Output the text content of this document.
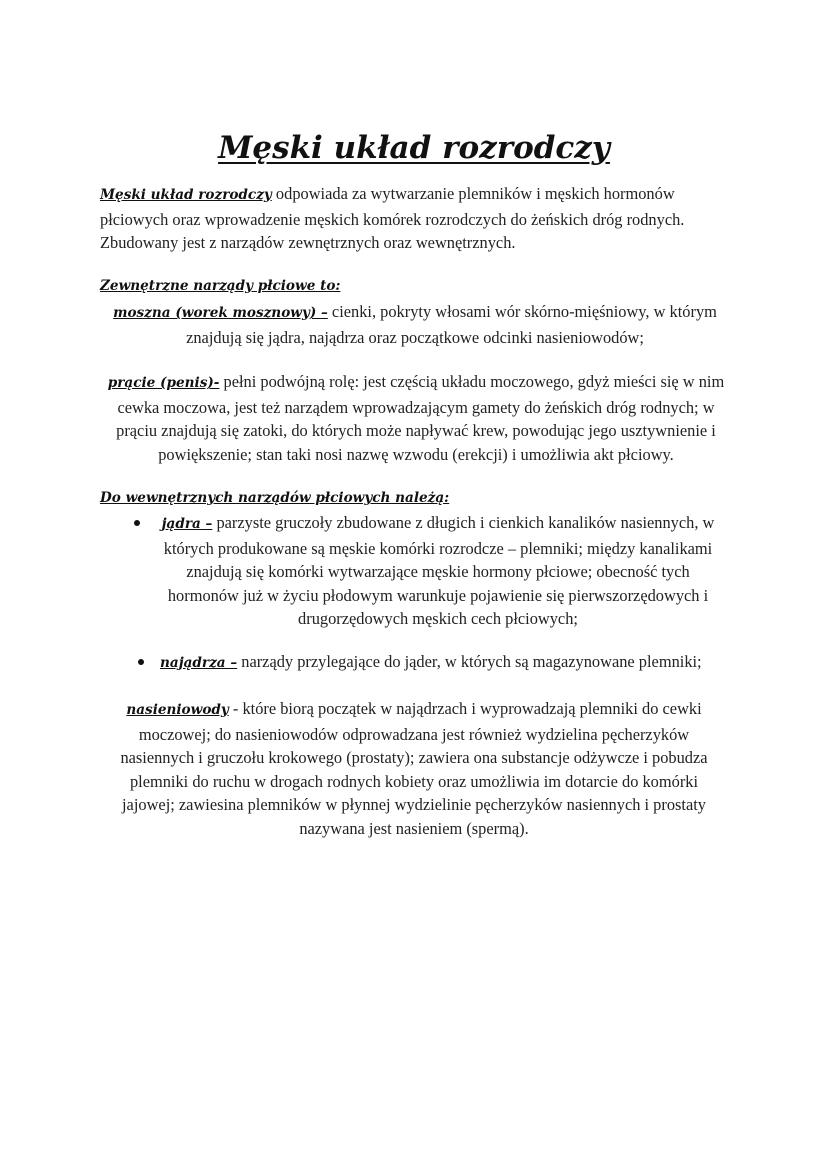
Męski układ rozrodczy

Męski układ rozrodczy odpowiada za wytwarzanie plemników i męskich hormonów płciowych oraz wprowadzenie męskich komórek rozrodczych do żeńskich dróg rodnych. Zbudowany jest z narządów zewnętrznych oraz wewnętrznych.

Zewnętrzne narządy płciowe to:

moszna (worek mosznowy) – cienki, pokryty włosami wór skórno-mięśniowy, w którym znajdują się jądra, najądrza oraz początkowe odcinki nasieniowodów;

prącie (penis)- pełni podwójną rolę: jest częścią układu moczowego, gdyż mieści się w nim cewka moczowa, jest też narządem wprowadzającym gamety do żeńskich dróg rodnych; w prąciu znajdują się zatoki, do których może napływać krew, powodując jego usztywnienie i powiększenie; stan taki nosi nazwę wzwodu (erekcji) i umożliwia akt płciowy.

Do wewnętrznych narządów płciowych należą:

jądra – parzyste gruczoły zbudowane z długich i cienkich kanalików nasiennych, w których produkowane są męskie komórki rozrodcze – plemniki; między kanalikami znajdują się komórki wytwarzające męskie hormony płciowe; obecność tych hormonów już w życiu płodowym warunkuje pojawienie się pierwszorzędowych i drugorzędowych męskich cech płciowych;

najądrza – narządy przylegające do jąder, w których są magazynowane plemniki;

nasieniowody - które biorą początek w najądrzach i wyprowadzają plemniki do cewki moczowej; do nasieniowodów odprowadzana jest również wydzielina pęcherzyków nasiennych i gruczołu krokowego (prostaty); zawiera ona substancje odżywcze i pobudza plemniki do ruchu w drogach rodnych kobiety oraz umożliwia im dotarcie do komórki jajowej; zawiesina plemników w płynnej wydzielinie pęcherzyków nasiennych i prostaty nazywana jest nasieniem (spermą).
